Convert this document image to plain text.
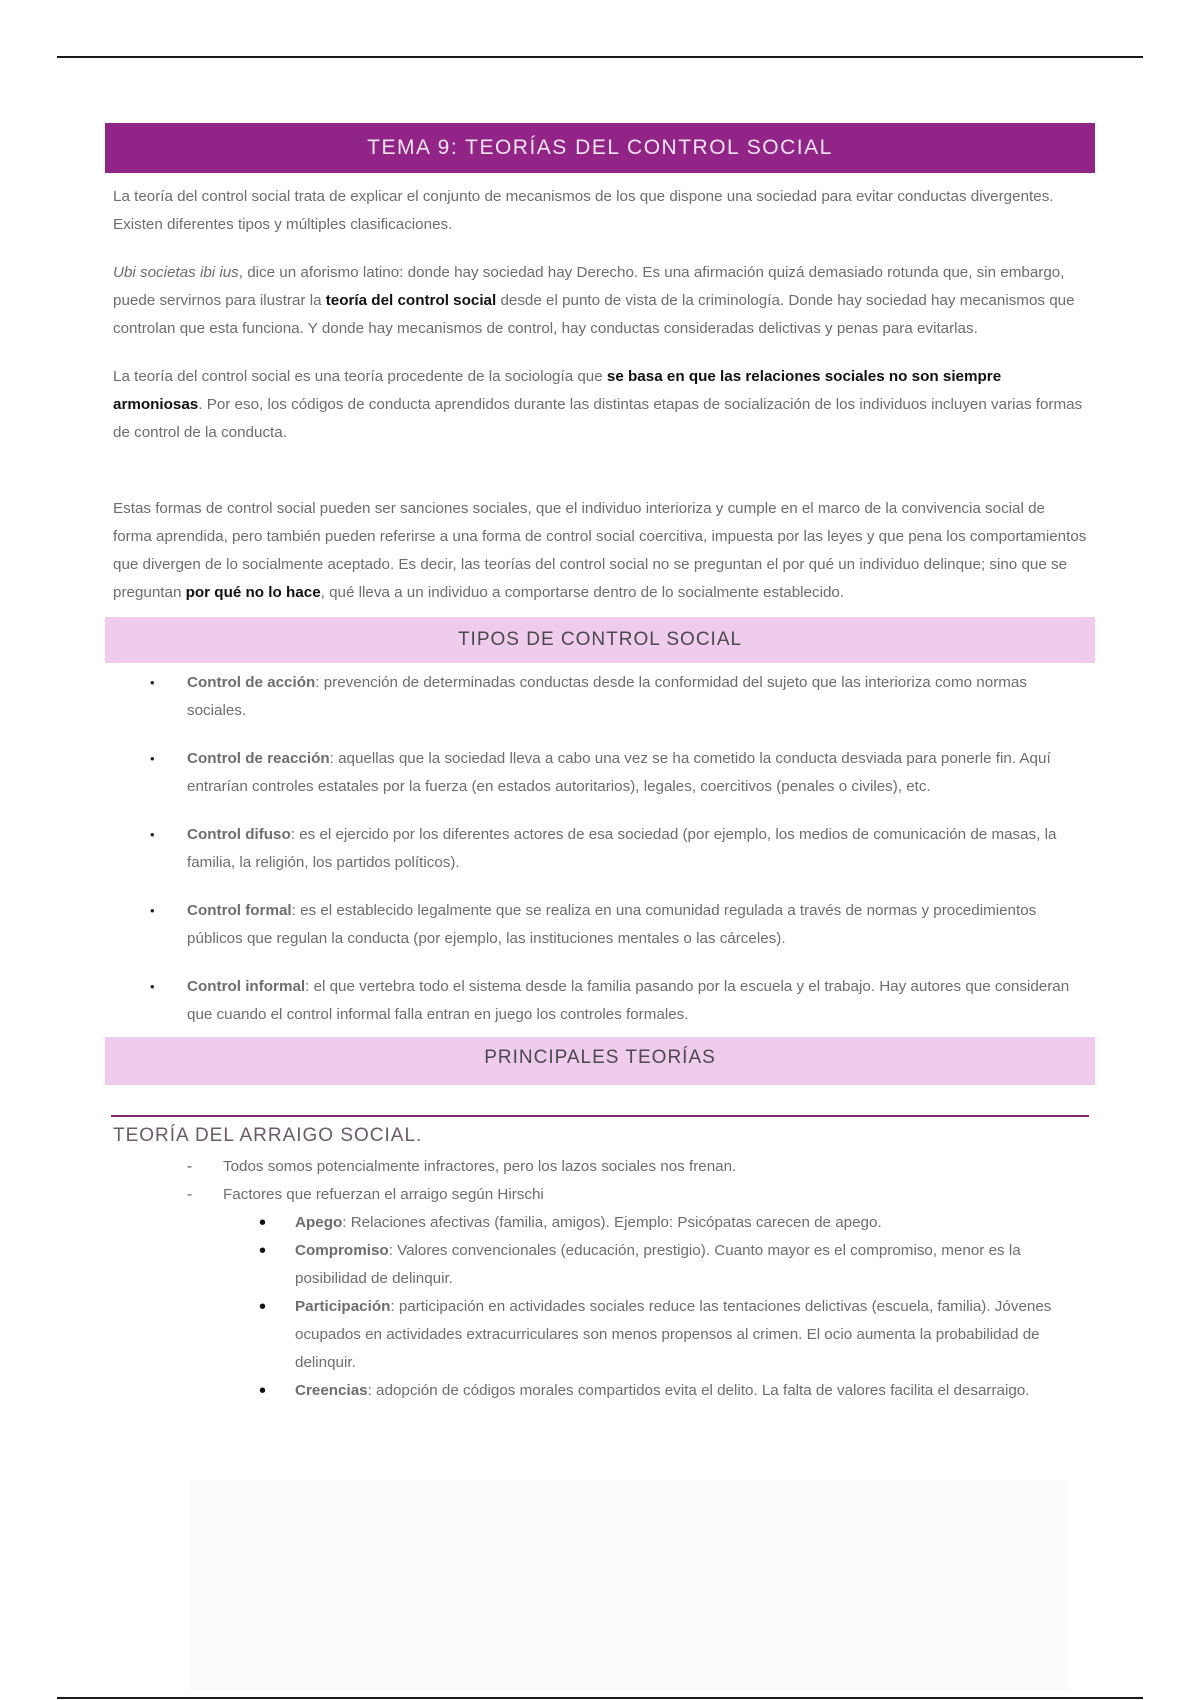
TEMA 9: TEORÍAS DEL CONTROL SOCIAL

La teoría del control social trata de explicar el conjunto de mecanismos de los que dispone una sociedad para evitar conductas divergentes. Existen diferentes tipos y múltiples clasificaciones.

Ubi societas ibi ius, dice un aforismo latino: donde hay sociedad hay Derecho. Es una afirmación quizá demasiado rotunda que, sin embargo, puede servirnos para ilustrar la teoría del control social desde el punto de vista de la criminología. Donde hay sociedad hay mecanismos que controlan que esta funciona. Y donde hay mecanismos de control, hay conductas consideradas delictivas y penas para evitarlas.

La teoría del control social es una teoría procedente de la sociología que se basa en que las relaciones sociales no son siempre armoniosas. Por eso, los códigos de conducta aprendidos durante las distintas etapas de socialización de los individuos incluyen varias formas de control de la conducta.

Estas formas de control social pueden ser sanciones sociales, que el individuo interioriza y cumple en el marco de la convivencia social de forma aprendida, pero también pueden referirse a una forma de control social coercitiva, impuesta por las leyes y que pena los comportamientos que divergen de lo socialmente aceptado. Es decir, las teorías del control social no se preguntan el por qué un individuo delinque; sino que se preguntan por qué no lo hace, qué lleva a un individuo a comportarse dentro de lo socialmente establecido.

TIPOS DE CONTROL SOCIAL
• Control de acción: prevención de determinadas conductas desde la conformidad del sujeto que las interioriza como normas sociales.
• Control de reacción: aquellas que la sociedad lleva a cabo una vez se ha cometido la conducta desviada para ponerle fin. Aquí entrarían controles estatales por la fuerza (en estados autoritarios), legales, coercitivos (penales o civiles), etc.
• Control difuso: es el ejercido por los diferentes actores de esa sociedad (por ejemplo, los medios de comunicación de masas, la familia, la religión, los partidos políticos).
• Control formal: es el establecido legalmente que se realiza en una comunidad regulada a través de normas y procedimientos públicos que regulan la conducta (por ejemplo, las instituciones mentales o las cárceles).
• Control informal: el que vertebra todo el sistema desde la familia pasando por la escuela y el trabajo. Hay autores que consideran que cuando el control informal falla entran en juego los controles formales.
PRINCIPALES TEORÍAS
TEORÍA DEL ARRAIGO SOCIAL.
- Todos somos potencialmente infractores, pero los lazos sociales nos frenan.
- Factores que refuerzan el arraigo según Hirschi
• Apego: Relaciones afectivas (familia, amigos). Ejemplo: Psicópatas carecen de apego.
• Compromiso: Valores convencionales (educación, prestigio). Cuanto mayor es el compromiso, menor es la posibilidad de delinquir.
• Participación: participación en actividades sociales reduce las tentaciones delictivas (escuela, familia). Jóvenes ocupados en actividades extracurriculares son menos propensos al crimen. El ocio aumenta la probabilidad de delinquir.
• Creencias: adopción de códigos morales compartidos evita el delito. La falta de valores facilita el desarraigo.
